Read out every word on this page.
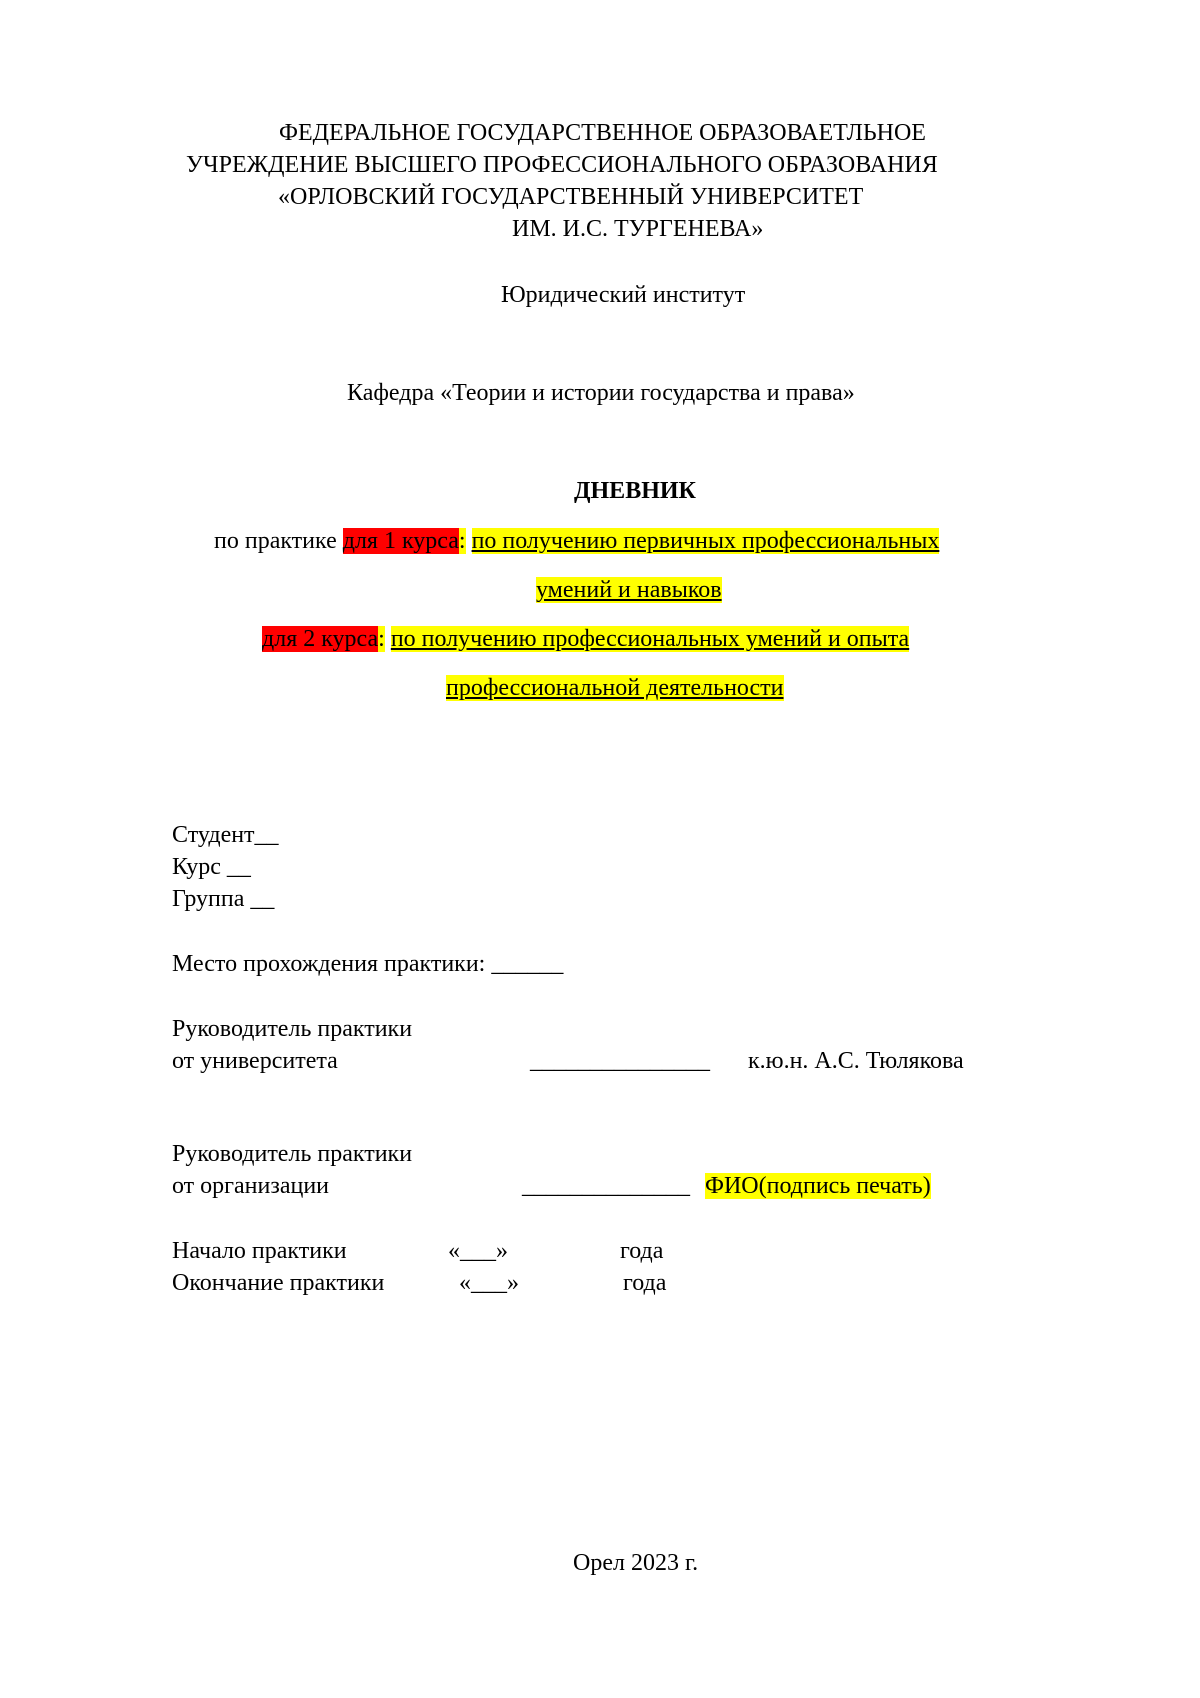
ФЕДЕРАЛЬНОЕ ГОСУДАРСТВЕННОЕ ОБРАЗОВАЕТЛЬНОЕ
УЧРЕЖДЕНИЕ ВЫСШЕГО ПРОФЕССИОНАЛЬНОГО ОБРАЗОВАНИЯ
«ОРЛОВСКИЙ ГОСУДАРСТВЕННЫЙ УНИВЕРСИТЕТ
ИМ. И.С. ТУРГЕНЕВА»
Юридический институт
Кафедра «Теории и истории государства и права»
ДНЕВНИК
по практике для 1 курса: по получению первичных профессиональных
умений и навыков
для 2 курса: по получению профессиональных умений и опыта
профессиональной деятельности
Студент__
Курс __
Группа __
Место прохождения практики: ______
Руководитель практики
от университета	_______________ к.ю.н. А.С. Тюлякова
Руководитель практики
от организации	______________ ФИО(подпись печать)
Начало практики	«___»	года
Окончание практики	«___»	года
Орел 2023 г.
